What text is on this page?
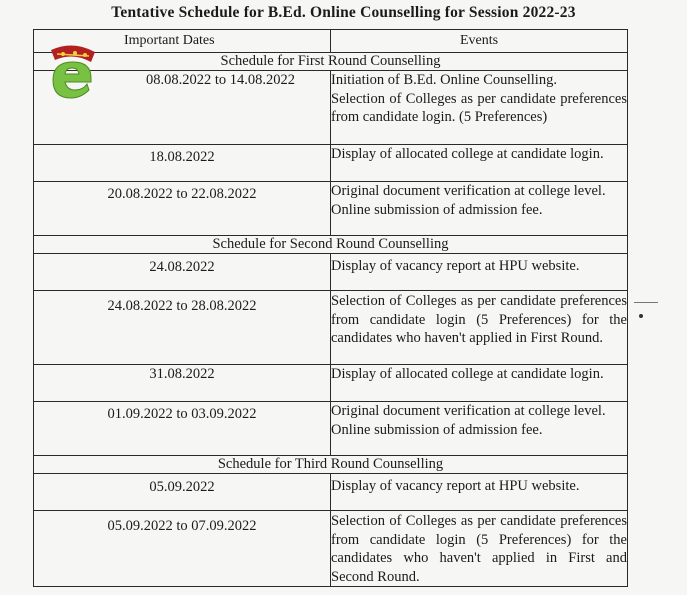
Tentative Schedule for B.Ed. Online Counselling for Session 2022-23
Important Dates	Events
Schedule for First Round Counselling	
08.08.2022 to 14.08.2022	Initiation of B.Ed. Online Counselling.
Selection of Colleges as per candidate preferences from candidate login. (5 Preferences)

18.08.2022	Display of allocated college at candidate login.
20.08.2022 to 22.08.2022	Original document verification at college level.
Online submission of admission fee.

Schedule for Second Round Counselling	
24.08.2022	Display of vacancy report at HPU website.
24.08.2022 to 28.08.2022	Selection of Colleges as per candidate preferences from candidate login (5 Preferences) for the candidates who haven't applied in First Round.
31.08.2022	Display of allocated college at candidate login.
01.09.2022 to 03.09.2022	Original document verification at college level.
Online submission of admission fee.

Schedule for Third Round Counselling	
05.09.2022	Display of vacancy report at HPU website.
05.09.2022 to 07.09.2022	Selection of Colleges as per candidate preferences from candidate login (5 Preferences) for the candidates who haven't applied in First and Second Round.
